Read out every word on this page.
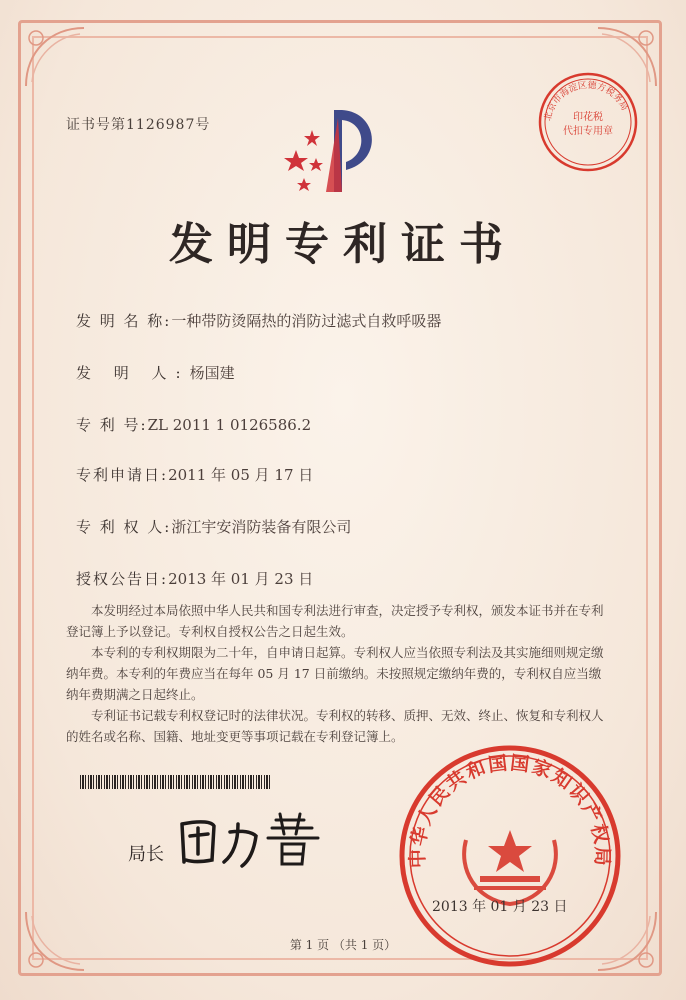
证书号第1126987号
北京市海淀区德方税务局
印花税
代扣专用章
发明专利证书
发 明 名 称:一种带防烫隔热的消防过滤式自救呼吸器
发 明 人:杨国建
专 利 号:ZL 2011 1 0126586.2
专利申请日:2011 年 05 月 17 日
专 利 权 人:浙江宇安消防装备有限公司
授权公告日:2013 年 01 月 23 日

本发明经过本局依照中华人民共和国专利法进行审查，决定授予专利权，颁发本证书并在专利登记簿上予以登记。专利权自授权公告之日起生效。

本专利的专利权期限为二十年，自申请日起算。专利权人应当依照专利法及其实施细则规定缴纳年费。本专利的年费应当在每年 05 月 17 日前缴纳。未按照规定缴纳年费的，专利权自应当缴纳年费期满之日起终止。

专利证书记载专利权登记时的法律状况。专利权的转移、质押、无效、终止、恢复和专利权人的姓名或名称、国籍、地址变更等事项记载在专利登记簿上。

局长	中华人民共和国国家知识产权局
2013 年 01 月 23 日
第 1 页 （共 1 页）
